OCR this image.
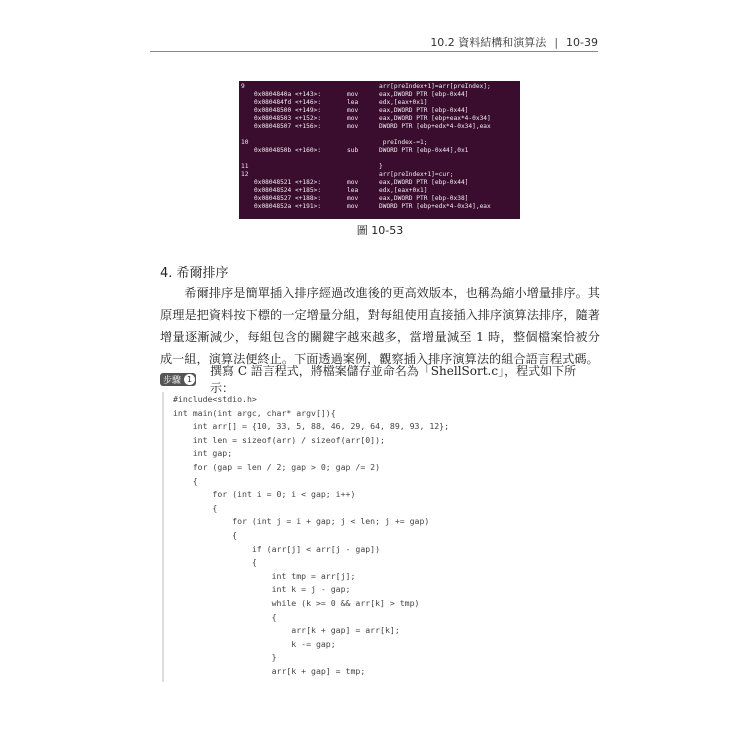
10.2 資料結構和演算法 | 10-39
9	arr[preIndex+1]=arr[preIndex];
0x0804840a <+143>:	mov	eax,DWORD PTR [ebp-0x44]
0x080484fd <+146>:	lea	edx,[eax+0x1]
0x08048500 <+149>:	mov	eax,DWORD PTR [ebp-0x44]
0x08048503 <+152>:	mov	eax,DWORD PTR [ebp+eax*4-0x34]
0x08048507 <+156>:	mov	DWORD PTR [ebp+edx*4-0x34],eax
10	preIndex-=1;
0x0804850b <+160>:	sub	DWORD PTR [ebp-0x44],0x1
11	}
12	arr[preIndex+1]=cur;
0x08048521 <+182>:	mov	eax,DWORD PTR [ebp-0x44]
0x08048524 <+185>:	lea	edx,[eax+0x1]
0x08048527 <+188>:	mov	eax,DWORD PTR [ebp-0x38]
0x0804852a <+191>:	mov	DWORD PTR [ebp+edx*4-0x34],eax
圖 10-53
4. 希爾排序

希爾排序是簡單插入排序經過改進後的更高效版本，也稱為縮小增量排序。其原理是把資料按下標的一定增量分組，對每組使用直接插入排序演算法排序，隨著增量逐漸減少，每組包含的關鍵字越來越多，當增量減至 1 時，整個檔案恰被分成一組，演算法便終止。下面透過案例，觀察插入排序演算法的組合語言程式碼。

步驟 1
撰寫 C 語言程式，將檔案儲存並命名為「ShellSort.c」，程式如下所示：
#include<stdio.h>
int main(int argc, char* argv[]){
int arr[] = {10, 33, 5, 88, 46, 29, 64, 89, 93, 12};
int len = sizeof(arr) / sizeof(arr[0]);
int gap;
for (gap = len / 2; gap > 0; gap /= 2)
{
for (int i = 0; i < gap; i++)
{
for (int j = i + gap; j < len; j += gap)
{
if (arr[j] < arr[j - gap])
{
int tmp = arr[j];
int k = j - gap;
while (k >= 0 && arr[k] > tmp)
{
arr[k + gap] = arr[k];
k -= gap;
}
arr[k + gap] = tmp;
